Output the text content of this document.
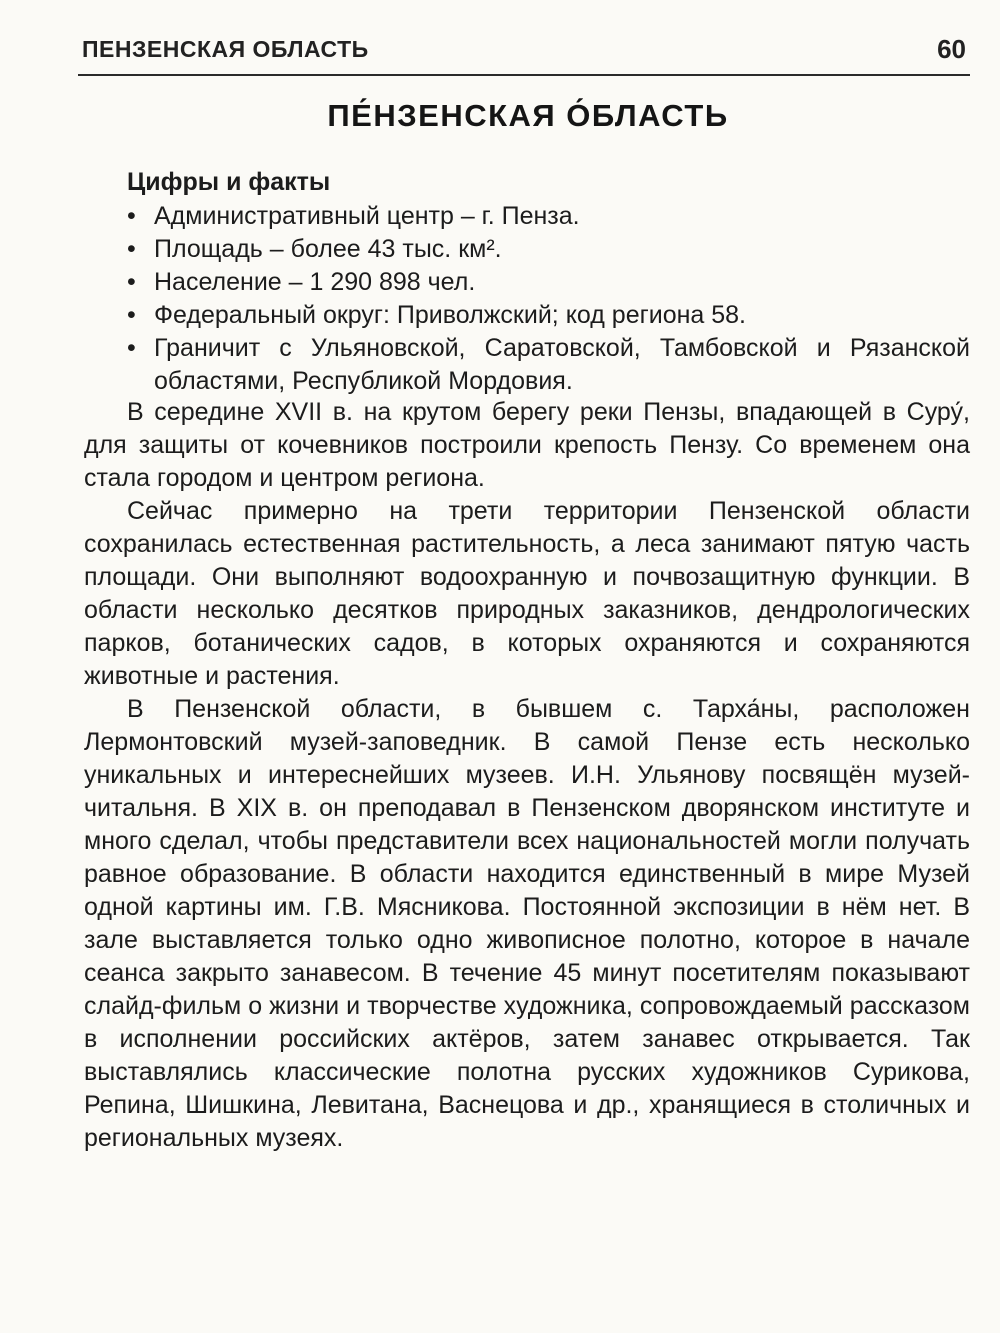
ПЕНЗЕНСКАЯ ОБЛАСТЬ	60
ПЕ́НЗЕНСКАЯ О́БЛАСТЬ
Цифры и факты
• Административный центр – г. Пенза.
• Площадь – более 43 тыс. км².
• Население – 1 290 898 чел.
• Федеральный округ: Приволжский; код региона 58.
• Граничит с Ульяновской, Саратовской, Тамбовской и Рязанской областями, Республикой Мордовия.

В середине XVII в. на крутом берегу реки Пензы, впадающей в Суру́, для защиты от кочевников построили крепость Пензу. Со временем она стала городом и центром региона.

Сейчас примерно на трети территории Пензенской области сохранилась естественная растительность, а леса занимают пятую часть площади. Они выполняют водоохранную и почвозащитную функции. В области несколько десятков природных заказников, дендрологических парков, ботанических садов, в которых охраняются и сохраняются животные и растения.

В Пензенской области, в бывшем с. Тарха́ны, расположен Лермонтовский музей-заповедник. В самой Пензе есть несколько уникальных и интереснейших музеев. И.Н. Ульянову посвящён музей-читальня. В XIX в. он преподавал в Пензенском дворянском институте и много сделал, чтобы представители всех национальностей могли получать равное образование. В области находится единственный в мире Музей одной картины им. Г.В. Мясникова. Постоянной экспозиции в нём нет. В зале выставляется только одно живописное полотно, которое в начале сеанса закрыто занавесом. В течение 45 минут посетителям показывают слайд-фильм о жизни и творчестве художника, сопровождаемый рассказом в исполнении российских актёров, затем занавес открывается. Так выставлялись классические полотна русских художников Сурикова, Репина, Шишкина, Левитана, Васнецова и др., хранящиеся в столичных и региональных музеях.
